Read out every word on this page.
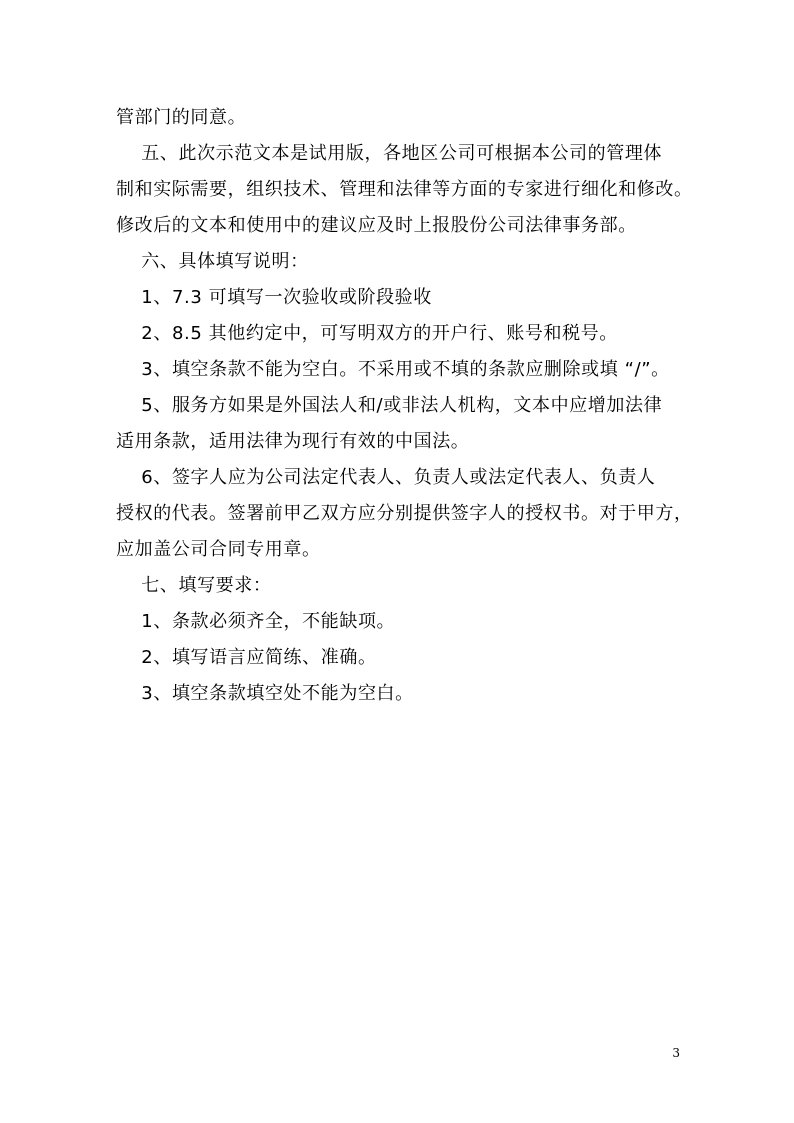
管部门的同意。
五、此次示范文本是试用版，各地区公司可根据本公司的管理体
制和实际需要，组织技术、管理和法律等方面的专家进行细化和修改。
修改后的文本和使用中的建议应及时上报股份公司法律事务部。
六、具体填写说明：
1、7.3 可填写一次验收或阶段验收
2、8.5 其他约定中，可写明双方的开户行、账号和税号。
3、填空条款不能为空白。不采用或不填的条款应删除或填 “/”。
5、服务方如果是外国法人和/或非法人机构，文本中应增加法律
适用条款，适用法律为现行有效的中国法。
6、签字人应为公司法定代表人、负责人或法定代表人、负责人
授权的代表。签署前甲乙双方应分别提供签字人的授权书。对于甲方，
应加盖公司合同专用章。
七、填写要求：
1、条款必须齐全，不能缺项。
2、填写语言应简练、准确。
3、填空条款填空处不能为空白。
3
